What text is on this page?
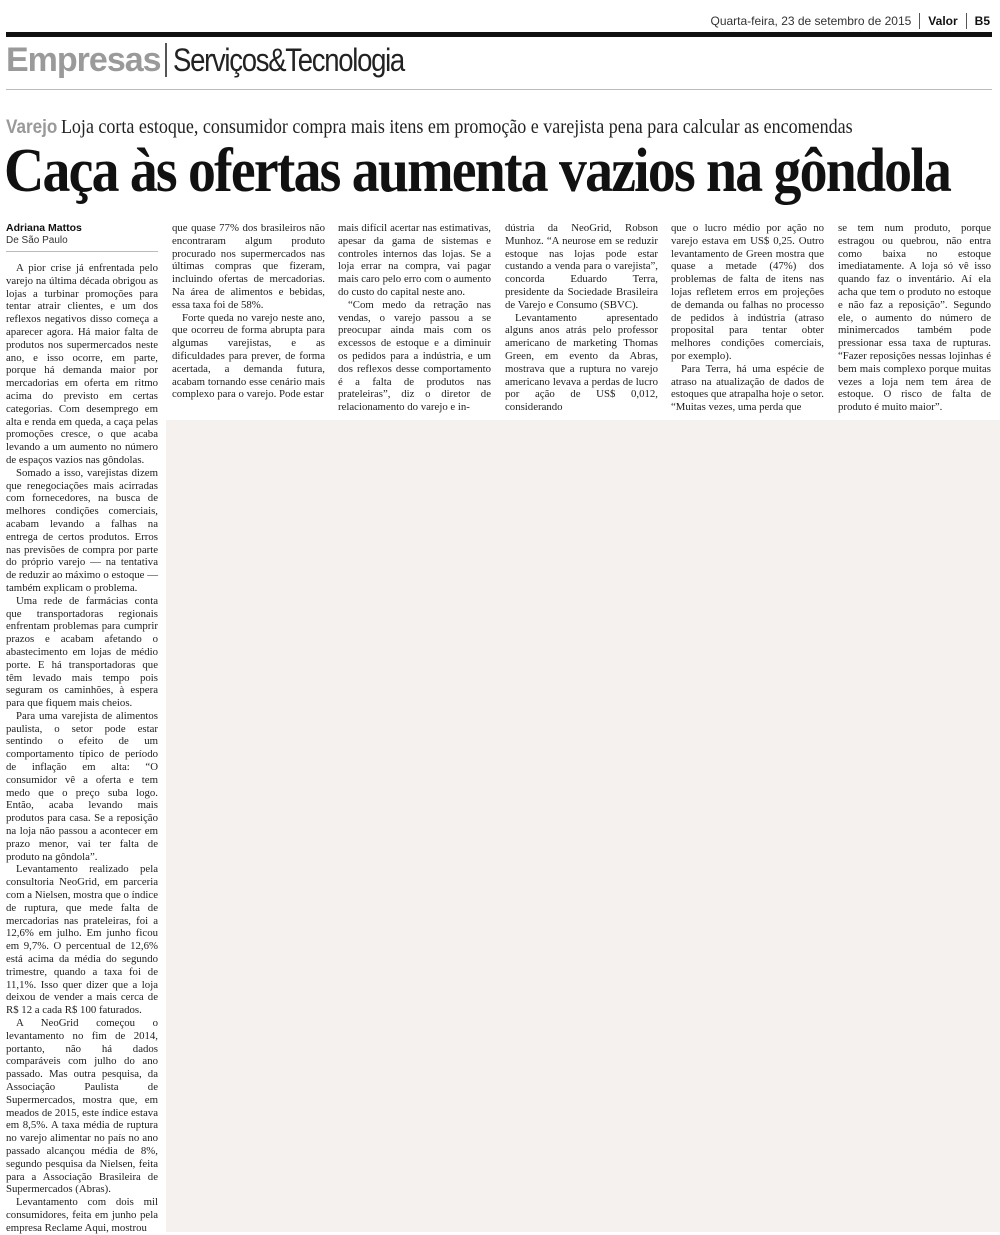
Quarta-feira, 23 de setembro de 2015 Valor B5
Empresas Serviços&Tecnologia
Varejo Loja corta estoque, consumidor compra mais itens em promoção e varejista pena para calcular as encomendas
Caça às ofertas aumenta vazios na gôndola
Adriana Mattos
De São Paulo

A pior crise já enfrentada pelo varejo na última década obrigou as lojas a turbinar promoções para tentar atrair clientes, e um dos reflexos negativos disso começa a aparecer agora. Há maior falta de produtos nos supermercados neste ano, e isso ocorre, em parte, porque há demanda maior por mercadorias em oferta em ritmo acima do previsto em certas categorias. Com desemprego em alta e renda em queda, a caça pelas promoções cresce, o que acaba levando a um aumento no número de espaços vazios nas gôndolas.

Somado a isso, varejistas dizem que renegociações mais acirradas com fornecedores, na busca de melhores condições comerciais, acabam levando a falhas na entrega de certos produtos. Erros nas previsões de compra por parte do próprio varejo — na tentativa de reduzir ao máximo o estoque — também explicam o problema.

Uma rede de farmácias conta que transportadoras regionais enfrentam problemas para cumprir prazos e acabam afetando o abastecimento em lojas de médio porte. E há transportadoras que têm levado mais tempo pois seguram os caminhões, à espera para que fiquem mais cheios.

Para uma varejista de alimentos paulista, o setor pode estar sentindo o efeito de um comportamento típico de período de inflação em alta: “O consumidor vê a oferta e tem medo que o preço suba logo. Então, acaba levando mais produtos para casa. Se a reposição na loja não passou a acontecer em prazo menor, vai ter falta de produto na gôndola”.

Levantamento realizado pela consultoria NeoGrid, em parceria com a Nielsen, mostra que o índice de ruptura, que mede falta de mercadorias nas prateleiras, foi a 12,6% em julho. Em junho ficou em 9,7%. O percentual de 12,6% está acima da média do segundo trimestre, quando a taxa foi de 11,1%. Isso quer dizer que a loja deixou de vender a mais cerca de R$ 12 a cada R$ 100 faturados.

A NeoGrid começou o levantamento no fim de 2014, portanto, não há dados comparáveis com julho do ano passado. Mas outra pesquisa, da Associação Paulista de Supermercados, mostra que, em meados de 2015, este índice estava em 8,5%. A taxa média de ruptura no varejo alimentar no país no ano passado alcançou média de 8%, segundo pesquisa da Nielsen, feita para a Associação Brasileira de Supermercados (Abras).

Levantamento com dois mil consumidores, feita em junho pela empresa Reclame Aqui, mostrou

que quase 77% dos brasileiros não encontraram algum produto procurado nos supermercados nas últimas compras que fizeram, incluindo ofertas de mercadorias. Na área de alimentos e bebidas, essa taxa foi de 58%.

Forte queda no varejo neste ano, que ocorreu de forma abrupta para algumas varejistas, e as dificuldades para prever, de forma acertada, a demanda futura, acabam tornando esse cenário mais complexo para o varejo. Pode estar

mais difícil acertar nas estimativas, apesar da gama de sistemas e controles internos das lojas. Se a loja errar na compra, vai pagar mais caro pelo erro com o aumento do custo do capital neste ano.

“Com medo da retração nas vendas, o varejo passou a se preocupar ainda mais com os excessos de estoque e a diminuir os pedidos para a indústria, e um dos reflexos desse comportamento é a falta de produtos nas prateleiras”, diz o diretor de relacionamento do varejo e in-

dústria da NeoGrid, Robson Munhoz. “A neurose em se reduzir estoque nas lojas pode estar custando a venda para o varejista”, concorda Eduardo Terra, presidente da Sociedade Brasileira de Varejo e Consumo (SBVC).

Levantamento apresentado alguns anos atrás pelo professor americano de marketing Thomas Green, em evento da Abras, mostrava que a ruptura no varejo americano levava a perdas de lucro por ação de US$ 0,012, considerando

que o lucro médio por ação no varejo estava em US$ 0,25. Outro levantamento de Green mostra que quase a metade (47%) dos problemas de falta de itens nas lojas refletem erros em projeções de demanda ou falhas no processo de pedidos à indústria (atraso proposital para tentar obter melhores condições comerciais, por exemplo).

Para Terra, há uma espécie de atraso na atualização de dados de estoques que atrapalha hoje o setor. “Muitas vezes, uma perda que

se tem num produto, porque estragou ou quebrou, não entra como baixa no estoque imediatamente. A loja só vê isso quando faz o inventário. Aí ela acha que tem o produto no estoque e não faz a reposição”. Segundo ele, o aumento do número de minimercados também pode pressionar essa taxa de rupturas. “Fazer reposições nessas lojinhas é bem mais complexo porque muitas vezes a loja nem tem área de estoque. O risco de falta de produto é muito maior”.
